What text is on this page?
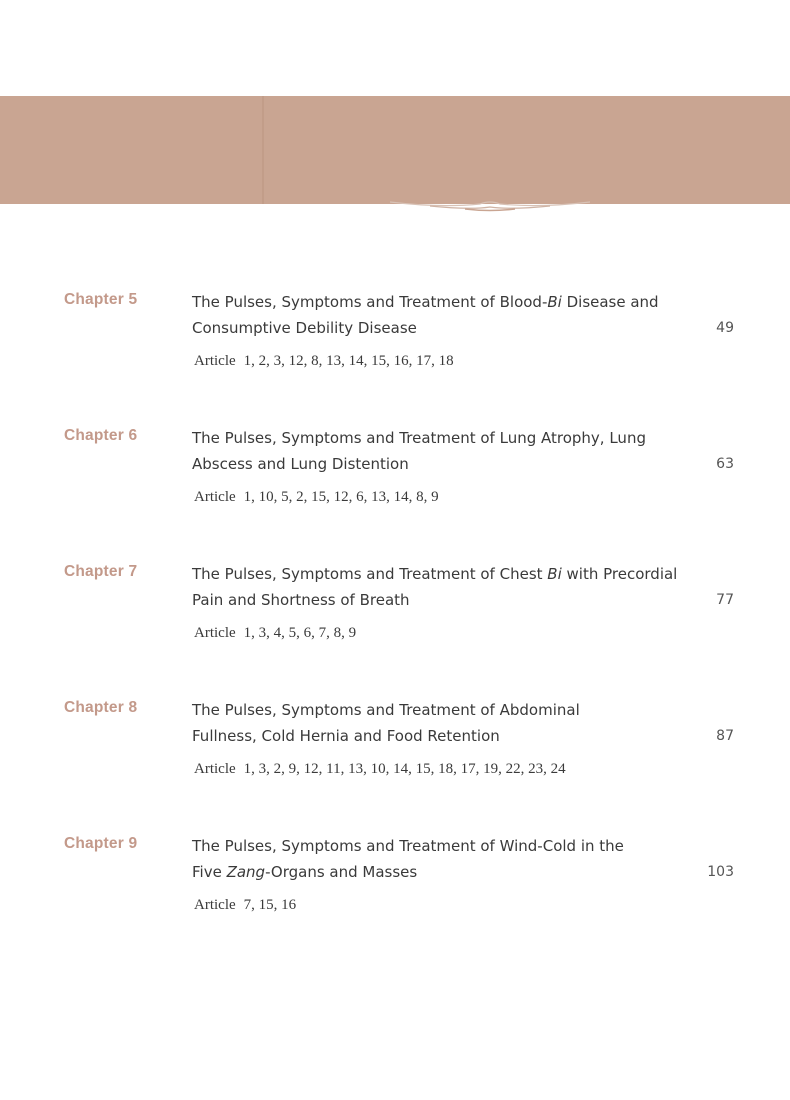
Chapter 5	The Pulses, Symptoms and Treatment of Blood-Bi Disease and
Consumptive Debility Disease	49
Article 1, 2, 3, 12, 8, 13, 14, 15, 16, 17, 18
Chapter 6	The Pulses, Symptoms and Treatment of Lung Atrophy, Lung
Abscess and Lung Distention	63
Article 1, 10, 5, 2, 15, 12, 6, 13, 14, 8, 9
Chapter 7	The Pulses, Symptoms and Treatment of Chest Bi with Precordial
Pain and Shortness of Breath	77
Article 1, 3, 4, 5, 6, 7, 8, 9
Chapter 8	The Pulses, Symptoms and Treatment of Abdominal
Fullness, Cold Hernia and Food Retention	87
Article 1, 3, 2, 9, 12, 11, 13, 10, 14, 15, 18, 17, 19, 22, 23, 24
Chapter 9	The Pulses, Symptoms and Treatment of Wind-Cold in the
Five Zang-Organs and Masses	103
Article 7, 15, 16
